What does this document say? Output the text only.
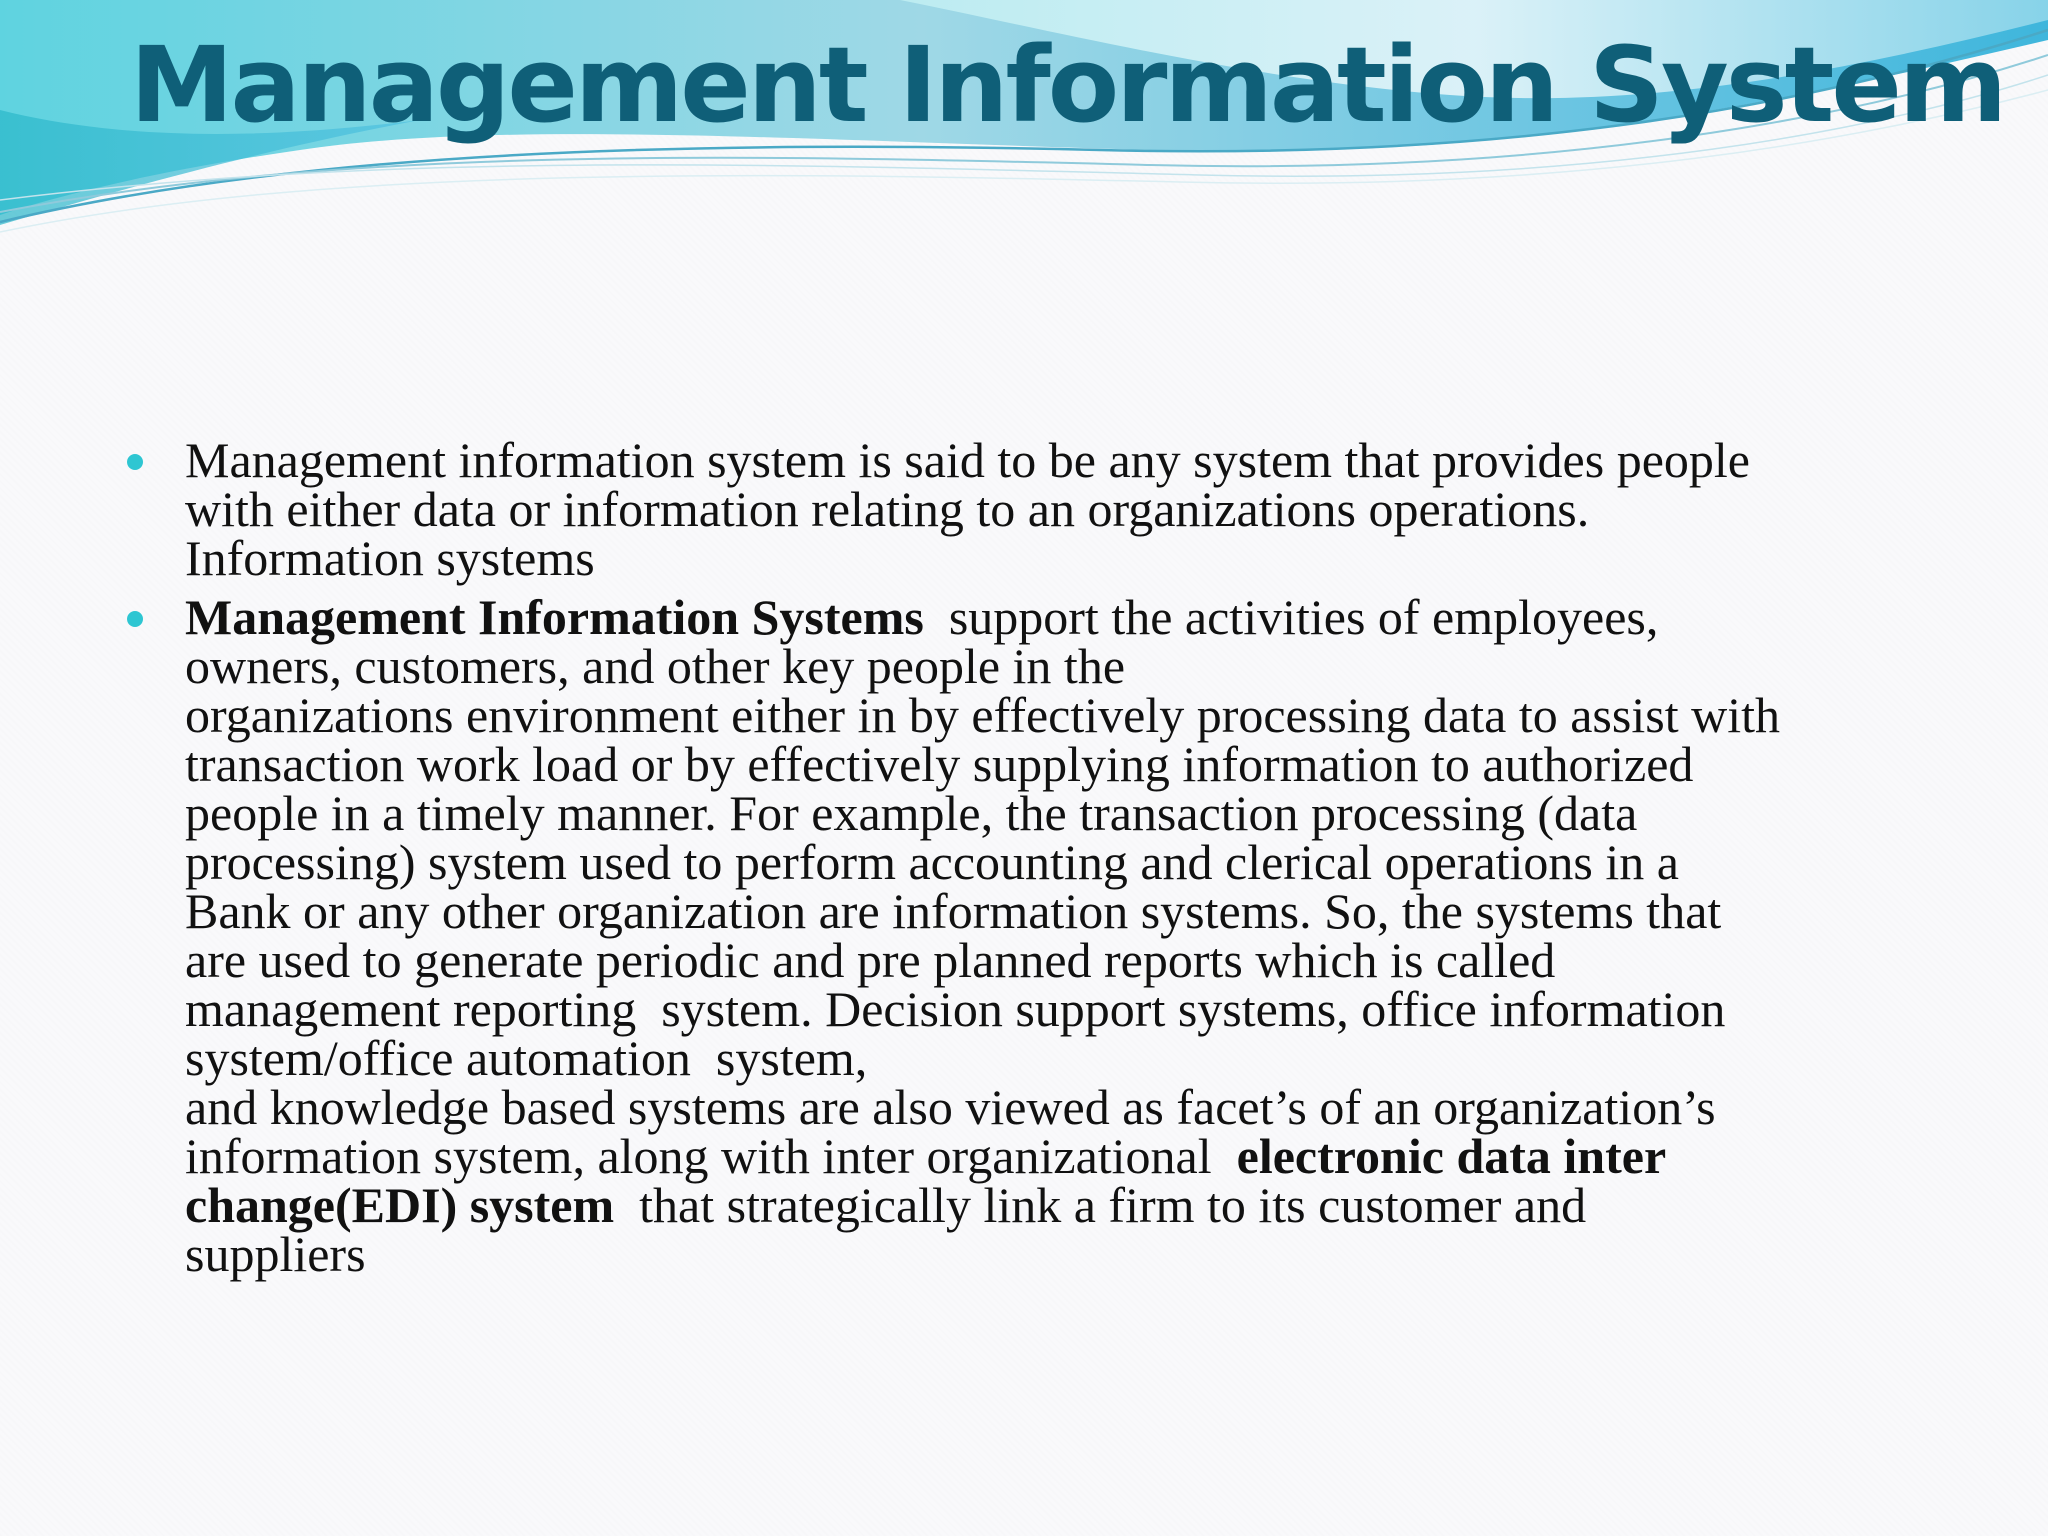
Management Information System
Management information system is said to be any system that provides people
with either data or information relating to an organizations operations.
Information systems
Management Information Systems  support the activities of employees,
owners, customers, and other key people in the
organizations environment either in by effectively processing data to assist with
transaction work load or by effectively supplying information to authorized
people in a timely manner. For example, the transaction processing (data
processing) system used to perform accounting and clerical operations in a
Bank or any other organization are information systems. So, the systems that
are used to generate periodic and pre planned reports which is called
management reporting  system. Decision support systems, office information
system/office automation  system,
and knowledge based systems are also viewed as facet’s of an organization’s
information system, along with inter organizational  electronic data inter
change(EDI) system  that strategically link a firm to its customer and
suppliers
